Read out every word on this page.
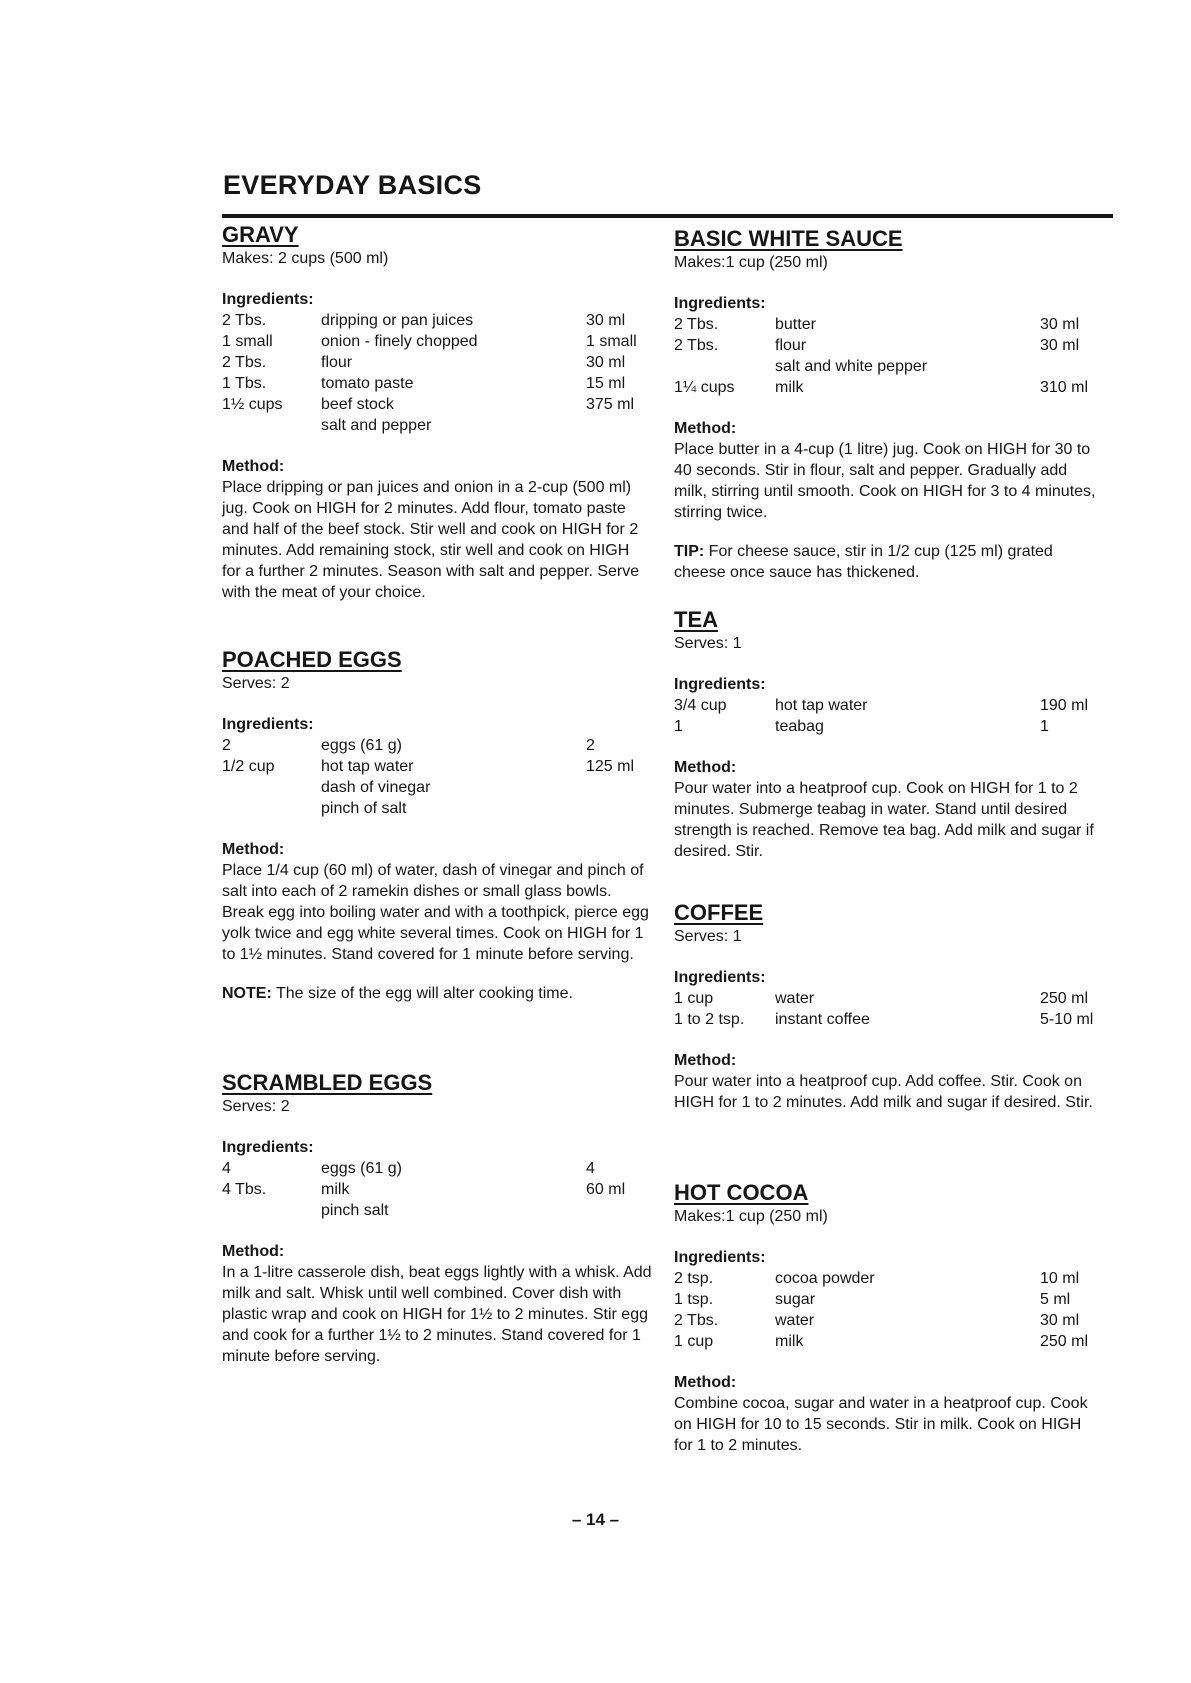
EVERYDAY BASICS
GRAVY

Makes: 2 cups (500 ml)

Ingredients:

2 Tbs.	dripping or pan juices	30 ml
1 small	onion - finely chopped	1 small
2 Tbs.	flour	30 ml
1 Tbs.	tomato paste	15 ml
1½ cups	beef stock	375 ml
	salt and pepper	

Method:

Place dripping or pan juices and onion in a 2-cup (500 ml) jug. Cook on HIGH for 2 minutes. Add flour, tomato paste and half of the beef stock. Stir well and cook on HIGH for 2 minutes. Add remaining stock, stir well and cook on HIGH for a further 2 minutes. Season with salt and pepper. Serve with the meat of your choice.

POACHED EGGS

Serves: 2

Ingredients:

2	eggs (61 g)	2
1/2 cup	hot tap water	125 ml
	dash of vinegar	
	pinch of salt	

Method:

Place 1/4 cup (60 ml) of water, dash of vinegar and pinch of salt into each of 2 ramekin dishes or small glass bowls. Break egg into boiling water and with a toothpick, pierce egg yolk twice and egg white several times. Cook on HIGH for 1 to 1½ minutes. Stand covered for 1 minute before serving.

NOTE: The size of the egg will alter cooking time.

SCRAMBLED EGGS

Serves: 2

Ingredients:

4	eggs (61 g)	4
4 Tbs.	milk	60 ml
	pinch salt	

Method:

In a 1-litre casserole dish, beat eggs lightly with a whisk. Add milk and salt. Whisk until well combined. Cover dish with plastic wrap and cook on HIGH for 1½ to 2 minutes. Stir egg and cook for a further 1½ to 2 minutes. Stand covered for 1 minute before serving.

BASIC WHITE SAUCE

Makes:1 cup (250 ml)

Ingredients:

2 Tbs.	butter	30 ml
2 Tbs.	flour	30 ml
	salt and white pepper	
1¼ cups	milk	310 ml

Method:

Place butter in a 4-cup (1 litre) jug. Cook on HIGH for 30 to 40 seconds. Stir in flour, salt and pepper. Gradually add milk, stirring until smooth. Cook on HIGH for 3 to 4 minutes, stirring twice.

TIP: For cheese sauce, stir in 1/2 cup (125 ml) grated cheese once sauce has thickened.

TEA

Serves: 1

Ingredients:

3/4 cup	hot tap water	190 ml
1	teabag	1

Method:

Pour water into a heatproof cup. Cook on HIGH for 1 to 2 minutes. Submerge teabag in water. Stand until desired strength is reached. Remove tea bag. Add milk and sugar if desired. Stir.

COFFEE

Serves: 1

Ingredients:

1 cup	water	250 ml
1 to 2 tsp.	instant coffee	5-10 ml

Method:

Pour water into a heatproof cup. Add coffee. Stir. Cook on HIGH for 1 to 2 minutes. Add milk and sugar if desired. Stir.

HOT COCOA

Makes:1 cup (250 ml)

Ingredients:

2 tsp.	cocoa powder	10 ml
1 tsp.	sugar	5 ml
2 Tbs.	water	30 ml
1 cup	milk	250 ml

Method:

Combine cocoa, sugar and water in a heatproof cup. Cook on HIGH for 10 to 15 seconds. Stir in milk. Cook on HIGH for 1 to 2 minutes.

– 14 –
